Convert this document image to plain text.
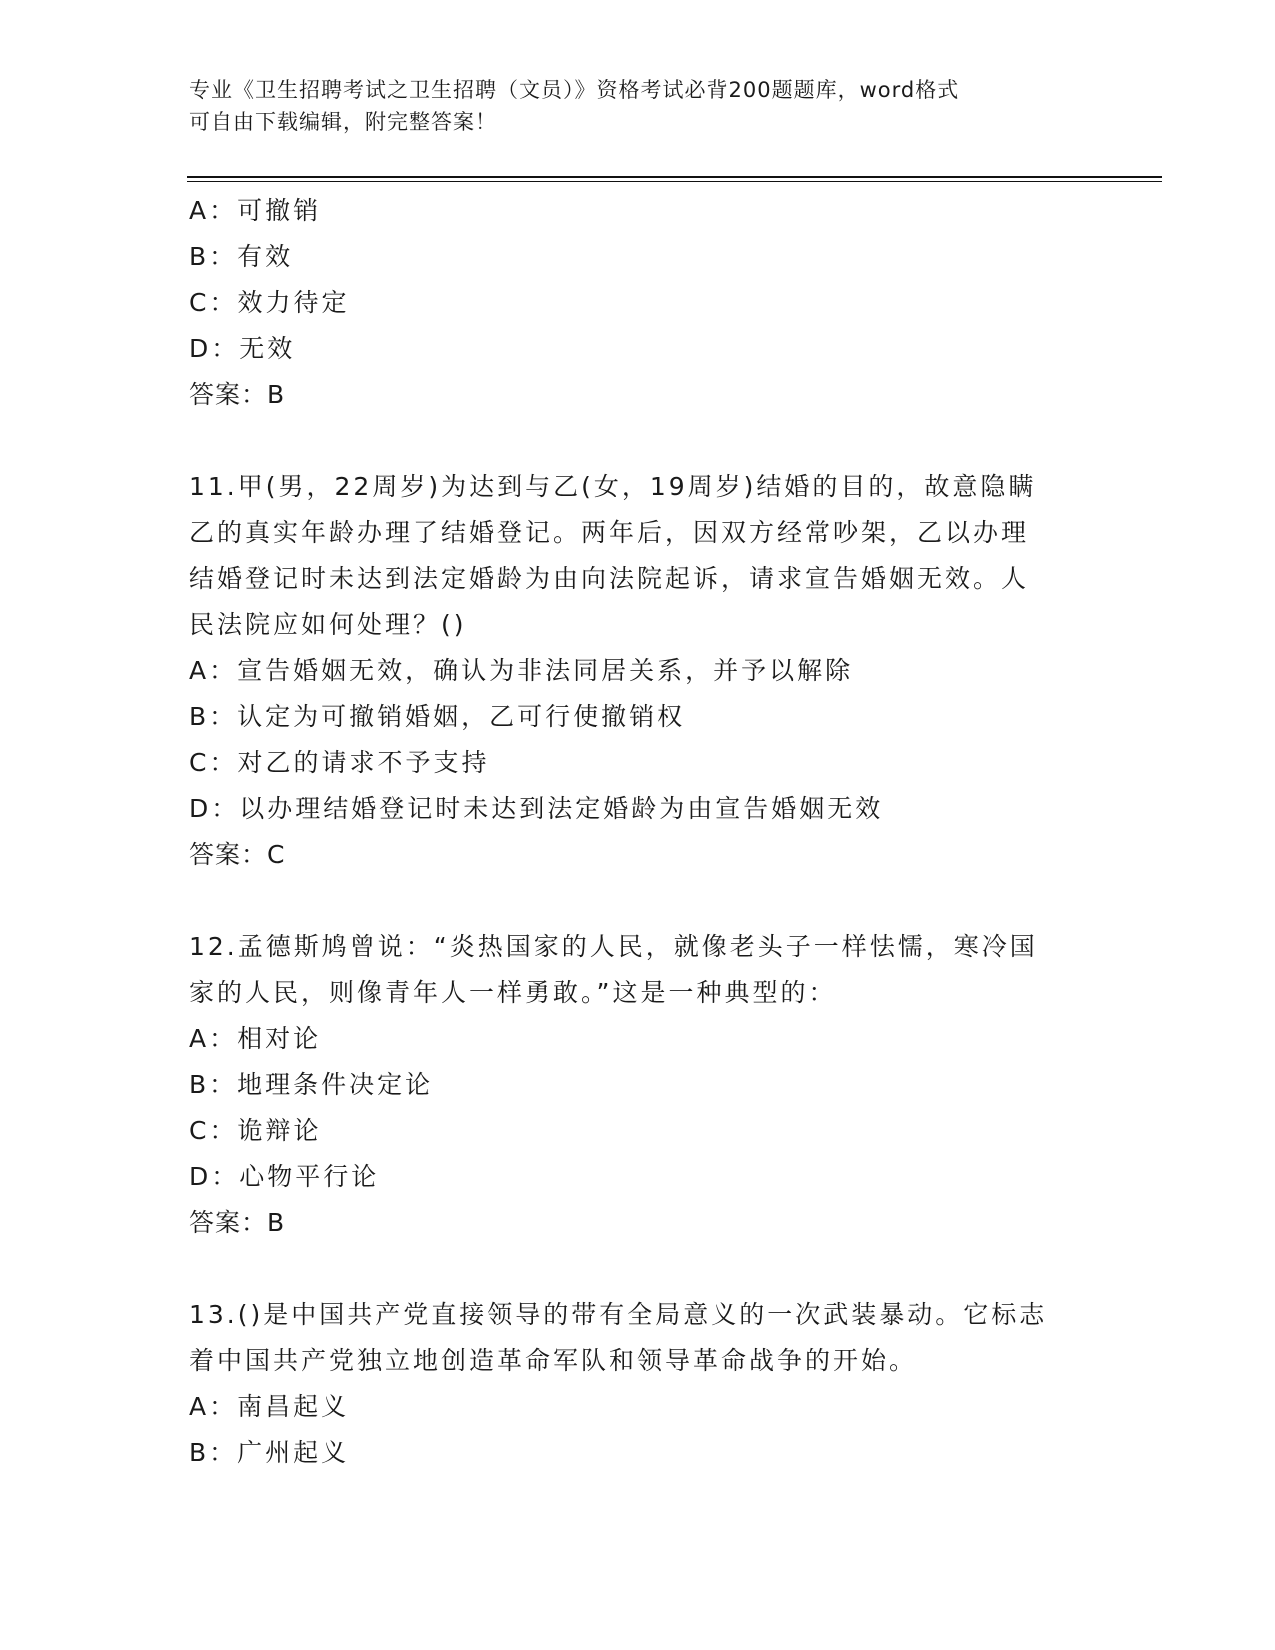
专业《卫生招聘考试之卫生招聘（文员）》资格考试必背200题题库，word格式
可自由下载编辑，附完整答案！
A：可撤销
B：有效
C：效力待定
D：无效
答案：B
11.甲(男，22周岁)为达到与乙(女，19周岁)结婚的目的，故意隐瞒
乙的真实年龄办理了结婚登记。两年后，因双方经常吵架，乙以办理
结婚登记时未达到法定婚龄为由向法院起诉，请求宣告婚姻无效。人
民法院应如何处理？()
A：宣告婚姻无效，确认为非法同居关系，并予以解除
B：认定为可撤销婚姻，乙可行使撤销权
C：对乙的请求不予支持
D：以办理结婚登记时未达到法定婚龄为由宣告婚姻无效
答案：C
12.孟德斯鸠曾说：“炎热国家的人民，就像老头子一样怯懦，寒冷国
家的人民，则像青年人一样勇敢。”这是一种典型的：
A：相对论
B：地理条件决定论
C：诡辩论
D：心物平行论
答案：B
13.()是中国共产党直接领导的带有全局意义的一次武装暴动。它标志
着中国共产党独立地创造革命军队和领导革命战争的开始。
A：南昌起义
B：广州起义
